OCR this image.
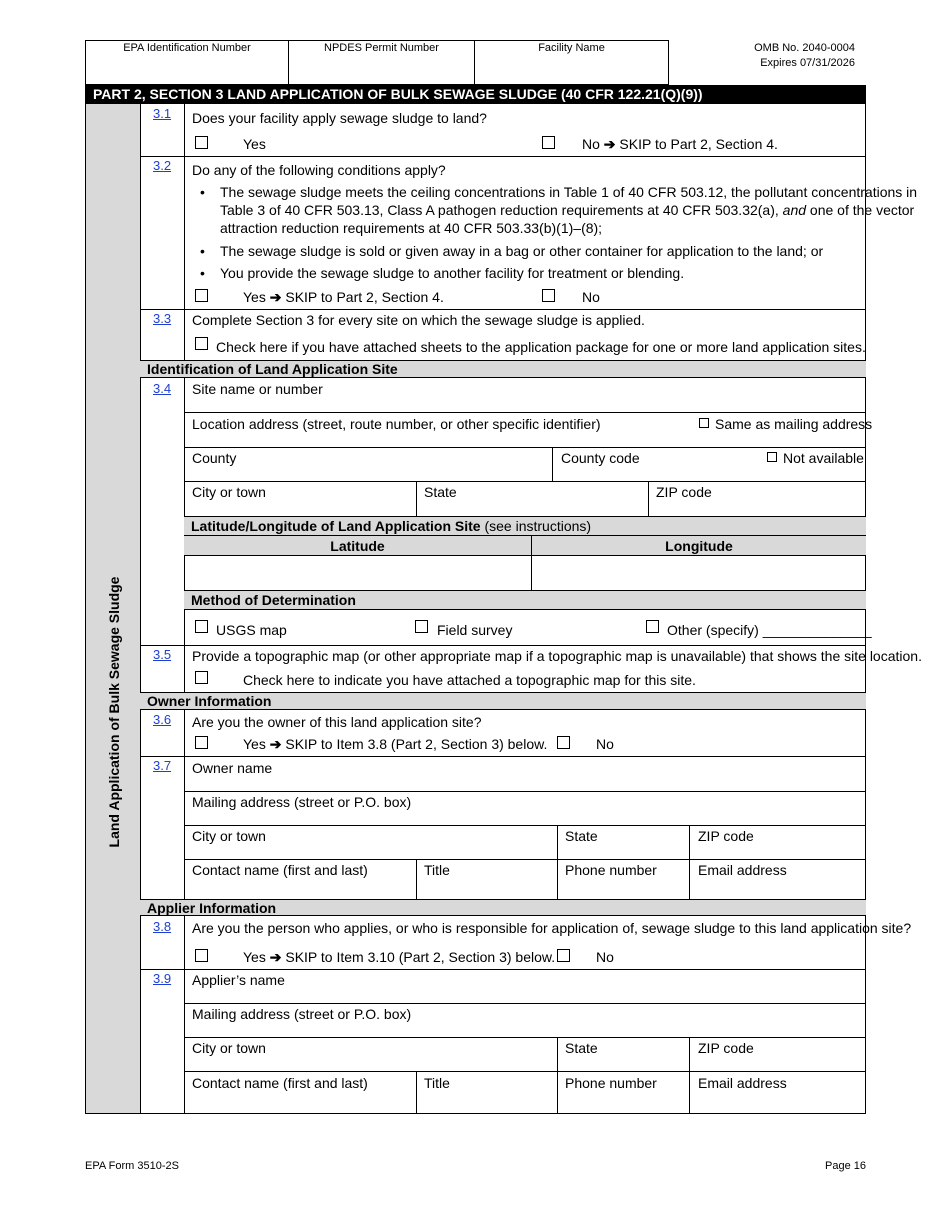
EPA Identification Number	NPDES Permit Number	Facility Name	OMB No. 2040-0004
Expires 07/31/2026
PART 2, SECTION 3 LAND APPLICATION OF BULK SEWAGE SLUDGE (40 CFR 122.21(Q)(9))
Land Application of Bulk Sewage Sludge
3.1 Does your facility apply sewage sludge to land?
Yes	No ➔ SKIP to Part 2, Section 4.
3.2 Do any of the following conditions apply?
• The sewage sludge meets the ceiling concentrations in Table 1 of 40 CFR 503.12, the pollutant concentrations in
Table 3 of 40 CFR 503.13, Class A pathogen reduction requirements at 40 CFR 503.32(a), and one of the vector
attraction reduction requirements at 40 CFR 503.33(b)(1)–(8);
• The sewage sludge is sold or given away in a bag or other container for application to the land; or
• You provide the sewage sludge to another facility for treatment or blending.
Yes ➔ SKIP to Part 2, Section 4.	No
3.3 Complete Section 3 for every site on which the sewage sludge is applied.
Check here if you have attached sheets to the application package for one or more land application sites.
Identification of Land Application Site
3.4 Site name or number
Location address (street, route number, or other specific identifier)	Same as mailing address
County	County code	Not available
City or town	State	ZIP code
Latitude/Longitude of Land Application Site (see instructions)
Latitude	Longitude
Method of Determination
USGS map	Field survey	Other (specify) ______________
3.5 Provide a topographic map (or other appropriate map if a topographic map is unavailable) that shows the site location.
Check here to indicate you have attached a topographic map for this site.
Owner Information
3.6 Are you the owner of this land application site?
Yes ➔ SKIP to Item 3.8 (Part 2, Section 3) below.	No
3.7 Owner name
Mailing address (street or P.O. box)
City or town	State	ZIP code
Contact name (first and last)	Title	Phone number	Email address
Applier Information
3.8 Are you the person who applies, or who is responsible for application of, sewage sludge to this land application site?
Yes ➔ SKIP to Item 3.10 (Part 2, Section 3) below.	No
3.9 Applier’s name
Mailing address (street or P.O. box)
City or town	State	ZIP code
Contact name (first and last)	Title	Phone number	Email address
EPA Form 3510-2S	Page 16
